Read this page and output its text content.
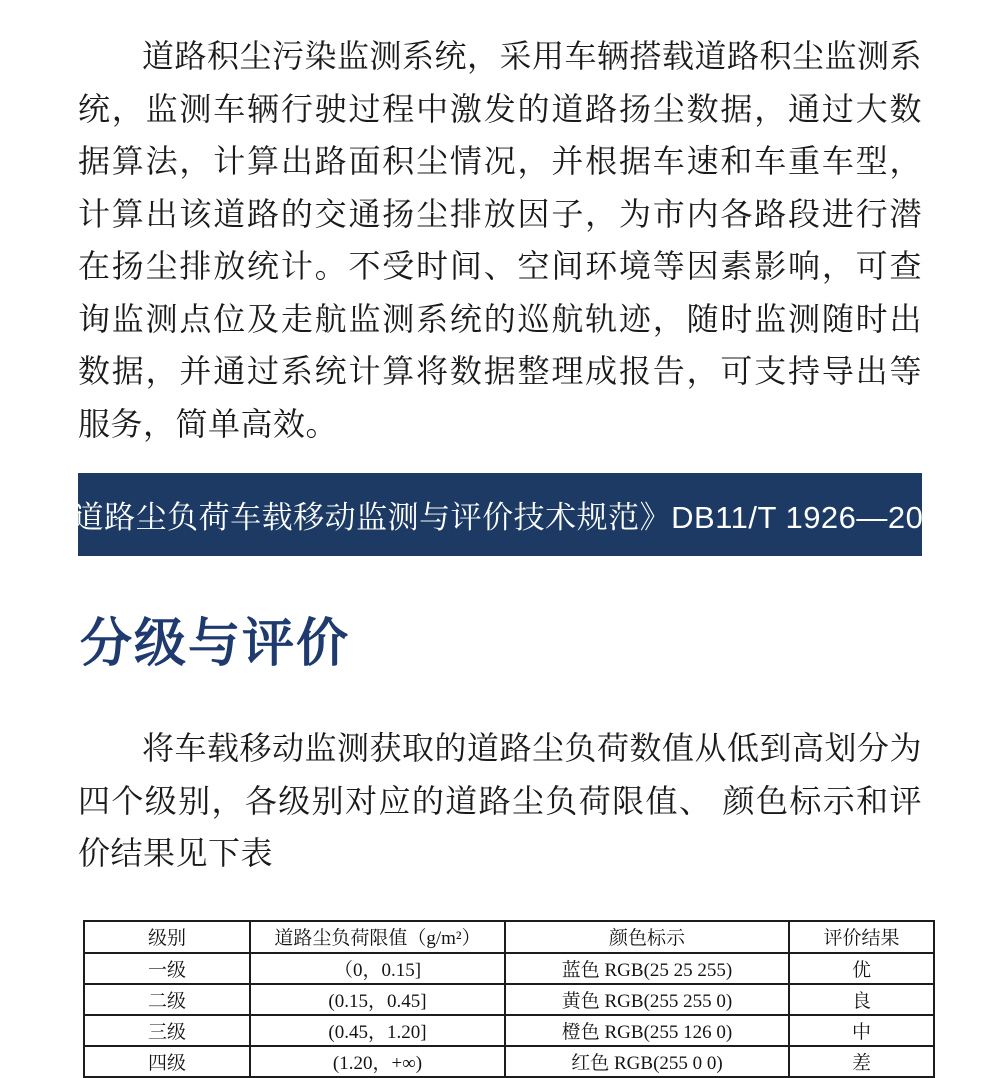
道路积尘污染监测系统，采用车辆搭载道路积尘监测系统，监测车辆行驶过程中激发的道路扬尘数据，通过大数据算法，计算出路面积尘情况，并根据车速和车重车型，计算出该道路的交通扬尘排放因子，为市内各路段进行潜在扬尘排放统计。不受时间、空间环境等因素影响，可查询监测点位及走航监测系统的巡航轨迹，随时监测随时出数据，并通过系统计算将数据整理成报告，可支持导出等服务，简单高效。

《道路尘负荷车载移动监测与评价技术规范》DB11/T 1926—2021
分级与评价

将车载移动监测获取的道路尘负荷数值从低到高划分为四个级别，各级别对应的道路尘负荷限值、 颜色标示和评价结果见下表

级别	道路尘负荷限值（g/m²）	颜色标示	评价结果
一级	（0，0.15]	蓝色 RGB(25 25 255)	优
二级	(0.15，0.45]	黄色 RGB(255 255 0)	良
三级	(0.45，1.20]	橙色 RGB(255 126 0)	中
四级	(1.20，+∞)	红色 RGB(255 0 0)	差
